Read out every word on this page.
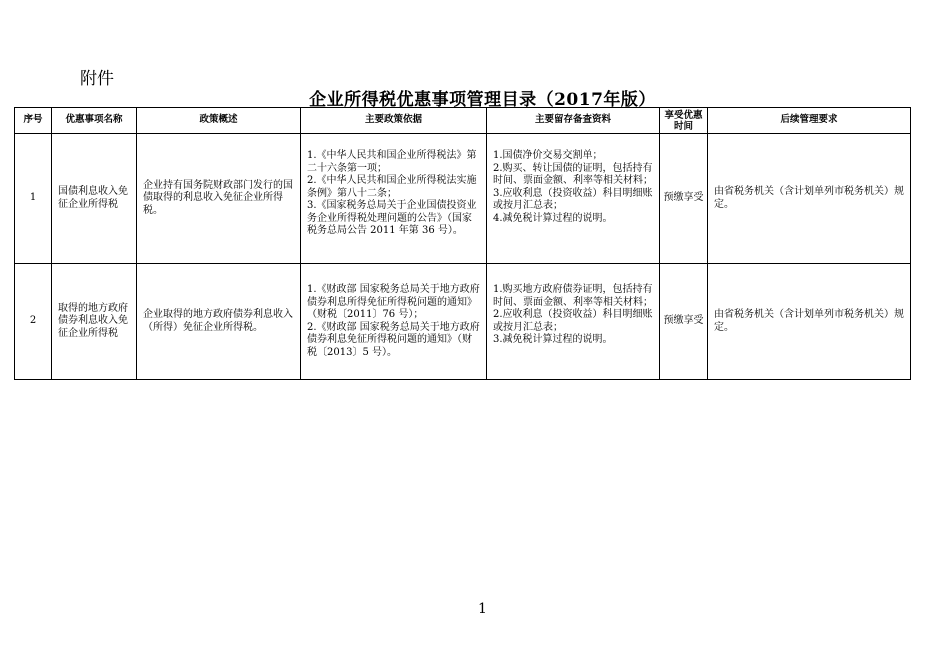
附件
企业所得税优惠事项管理目录（2017年版）
序号	优惠事项名称	政策概述	主要政策依据	主要留存备查资料	享受优惠时间	后续管理要求
1	国债利息收入免征企业所得税	企业持有国务院财政部门发行的国债取得的利息收入免征企业所得税。	1.《中华人民共和国企业所得税法》第二十六条第一项；
2.《中华人民共和国企业所得税法实施条例》第八十二条；
3.《国家税务总局关于企业国债投资业务企业所得税处理问题的公告》（国家税务总局公告 2011 年第 36 号）。	1.国债净价交易交割单；
2.购买、转让国债的证明，包括持有时间、票面金额、利率等相关材料；
3.应收利息（投资收益）科目明细账或按月汇总表；
4.减免税计算过程的说明。	预缴享受	由省税务机关（含计划单列市税务机关）规定。
2	取得的地方政府债券利息收入免征企业所得税	企业取得的地方政府债券利息收入（所得）免征企业所得税。	1.《财政部 国家税务总局关于地方政府债券利息所得免征所得税问题的通知》（财税〔2011〕76 号）；
2.《财政部 国家税务总局关于地方政府债券利息免征所得税问题的通知》（财税〔2013〕5 号）。	1.购买地方政府债券证明，包括持有时间、票面金额、利率等相关材料；
2.应收利息（投资收益）科目明细账或按月汇总表；
3.减免税计算过程的说明。	预缴享受	由省税务机关（含计划单列市税务机关）规定。
1
